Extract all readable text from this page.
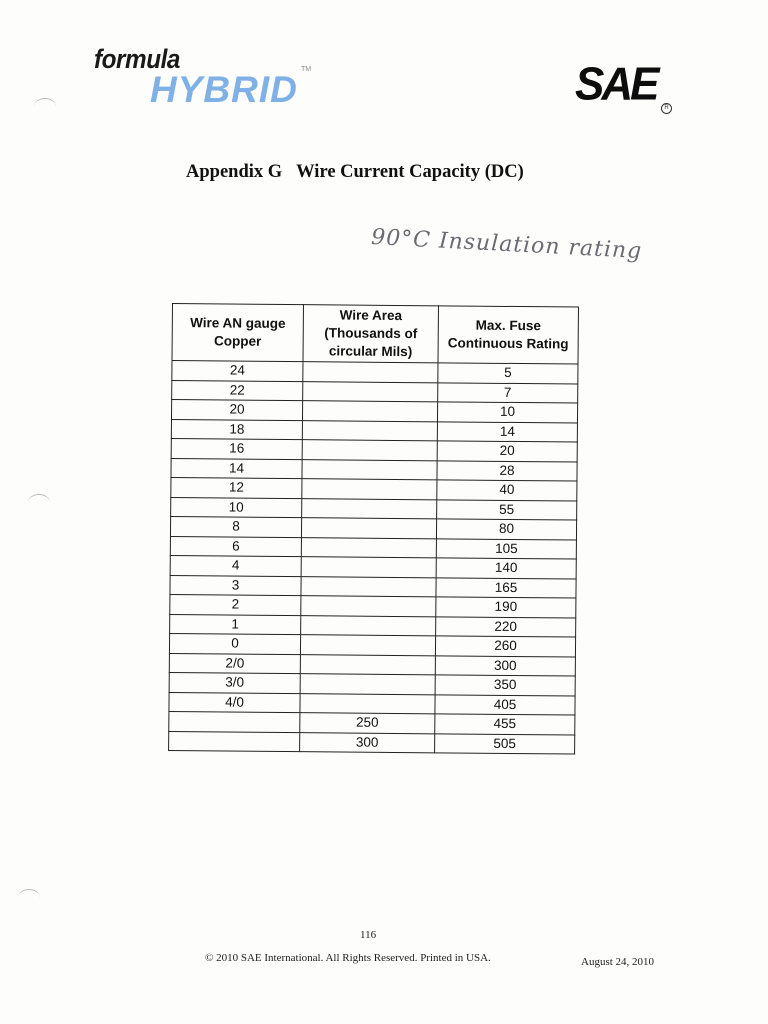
formula
HYBRID TM	SAE	R
Appendix G Wire Current Capacity (DC)
90°C Insulation rating
Wire AN gauge Copper	Wire Area (Thousands of circular Mils)	Max. Fuse Continuous Rating
24		5
22		7
20		10
18		14
16		20
14		28
12		40
10		55
8		80
6		105
4		140
3		165
2		190
1		220
0		260
2/0		300
3/0		350
4/0		405
	250	455
	300	505
116
© 2010 SAE International. All Rights Reserved. Printed in USA.	August 24, 2010
